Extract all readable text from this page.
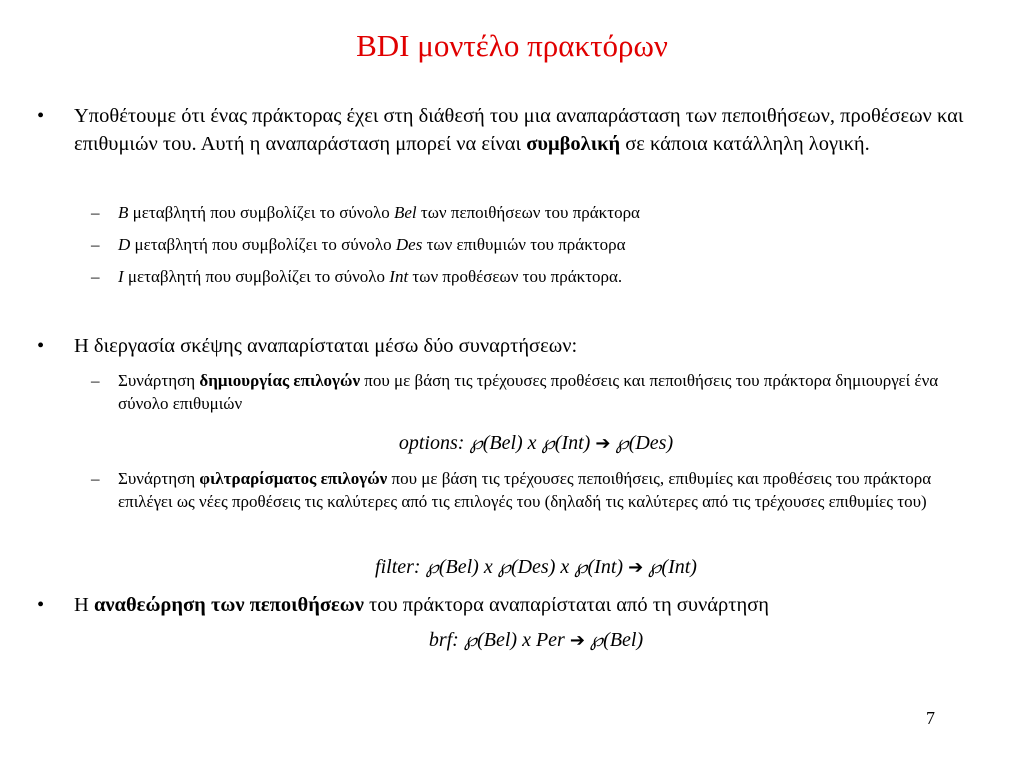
BDI μοντέλο πρακτόρων
• Υποθέτουμε ότι ένας πράκτορας έχει στη διάθεσή του μια αναπαράσταση των πεποιθήσεων, προθέσεων και επιθυμιών του. Αυτή η αναπαράσταση μπορεί να είναι συμβολική σε κάποια κατάλληλη λογική.
– B μεταβλητή που συμβολίζει το σύνολο Bel των πεποιθήσεων του πράκτορα
– D μεταβλητή που συμβολίζει το σύνολο Des των επιθυμιών του πράκτορα
– I μεταβλητή που συμβολίζει το σύνολο Int των προθέσεων του πράκτορα.
• Η διεργασία σκέψης αναπαρίσταται μέσω δύο συναρτήσεων:
– Συνάρτηση δημιουργίας επιλογών που με βάση τις τρέχουσες προθέσεις και πεποιθήσεις του πράκτορα δημιουργεί ένα σύνολο επιθυμιών
options: ℘(Bel) x ℘(Int) ➔ ℘(Des)
– Συνάρτηση φιλτραρίσματος επιλογών που με βάση τις τρέχουσες πεποιθήσεις, επιθυμίες και προθέσεις του πράκτορα επιλέγει ως νέες προθέσεις τις καλύτερες από τις επιλογές του (δηλαδή τις καλύτερες από τις τρέχουσες επιθυμίες του)
filter: ℘(Bel) x ℘(Des) x ℘(Int) ➔ ℘(Int)
• Η αναθεώρηση των πεποιθήσεων του πράκτορα αναπαρίσταται από τη συνάρτηση
brf: ℘(Bel) x Per ➔ ℘(Bel)
7
